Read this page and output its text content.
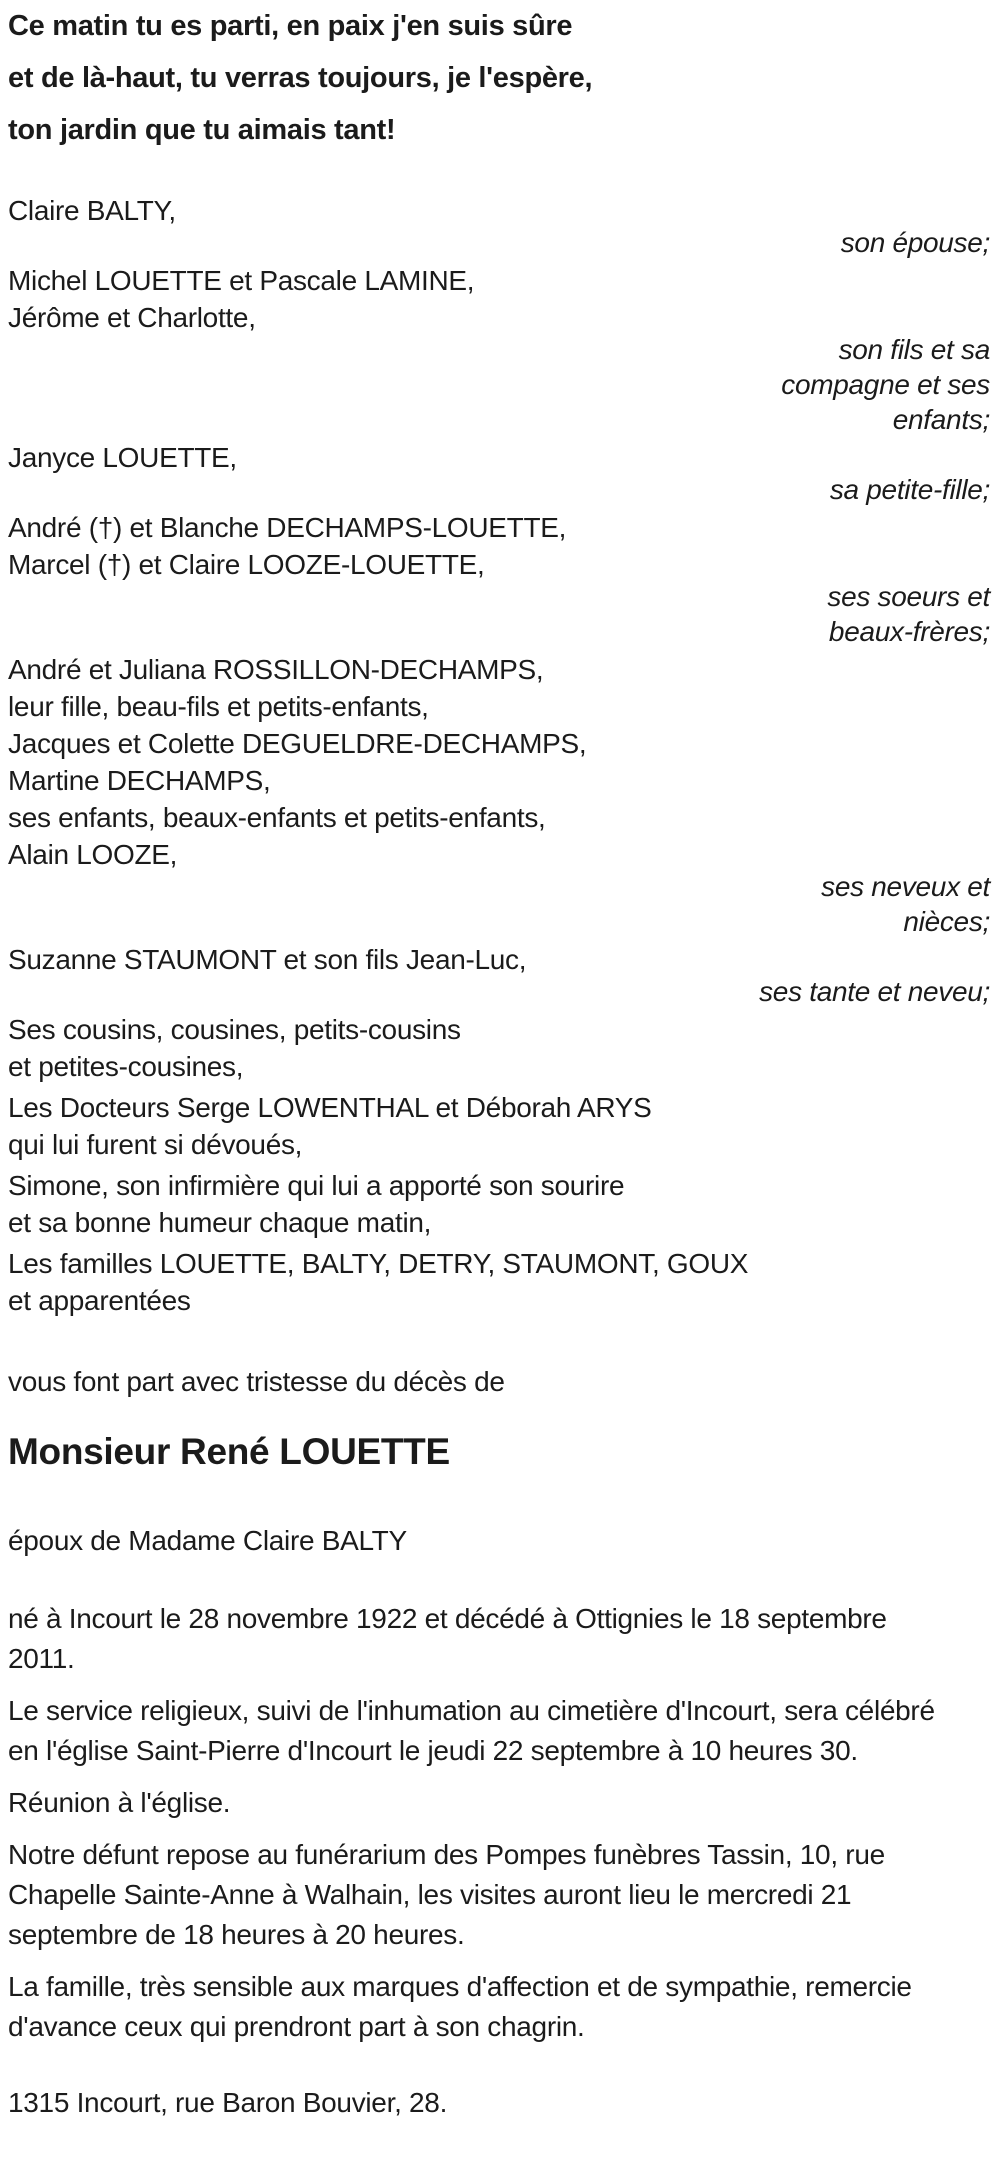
Ce matin tu es parti, en paix j'en suis sûre
et de là-haut, tu verras toujours, je l'espère,
ton jardin que tu aimais tant!
Claire BALTY,
son épouse;
Michel LOUETTE et Pascale LAMINE,
Jérôme et Charlotte,
son fils et sa
compagne et ses
enfants;
Janyce LOUETTE,
sa petite-fille;
André (†) et Blanche DECHAMPS-LOUETTE,
Marcel (†) et Claire LOOZE-LOUETTE,
ses soeurs et
beaux-frères;
André et Juliana ROSSILLON-DECHAMPS,
leur fille, beau-fils et petits-enfants,
Jacques et Colette DEGUELDRE-DECHAMPS,
Martine DECHAMPS,
ses enfants, beaux-enfants et petits-enfants,
Alain LOOZE,
ses neveux et
nièces;
Suzanne STAUMONT et son fils Jean-Luc,
ses tante et neveu;
Ses cousins, cousines, petits-cousins
et petites-cousines,
Les Docteurs Serge LOWENTHAL et Déborah ARYS
qui lui furent si dévoués,
Simone, son infirmière qui lui a apporté son sourire
et sa bonne humeur chaque matin,
Les familles LOUETTE, BALTY, DETRY, STAUMONT, GOUX
et apparentées

vous font part avec tristesse du décès de

Monsieur René LOUETTE

époux de Madame Claire BALTY

né à Incourt le 28 novembre 1922 et décédé à Ottignies le 18 septembre 2011.

Le service religieux, suivi de l'inhumation au cimetière d'Incourt, sera célébré en l'église Saint-Pierre d'Incourt le jeudi 22 septembre à 10 heures 30.

Réunion à l'église.

Notre défunt repose au funérarium des Pompes funèbres Tassin, 10, rue Chapelle Sainte-Anne à Walhain, les visites auront lieu le mercredi 21 septembre de 18 heures à 20 heures.

La famille, très sensible aux marques d'affection et de sympathie, remercie d'avance ceux qui prendront part à son chagrin.

1315 Incourt, rue Baron Bouvier, 28.
